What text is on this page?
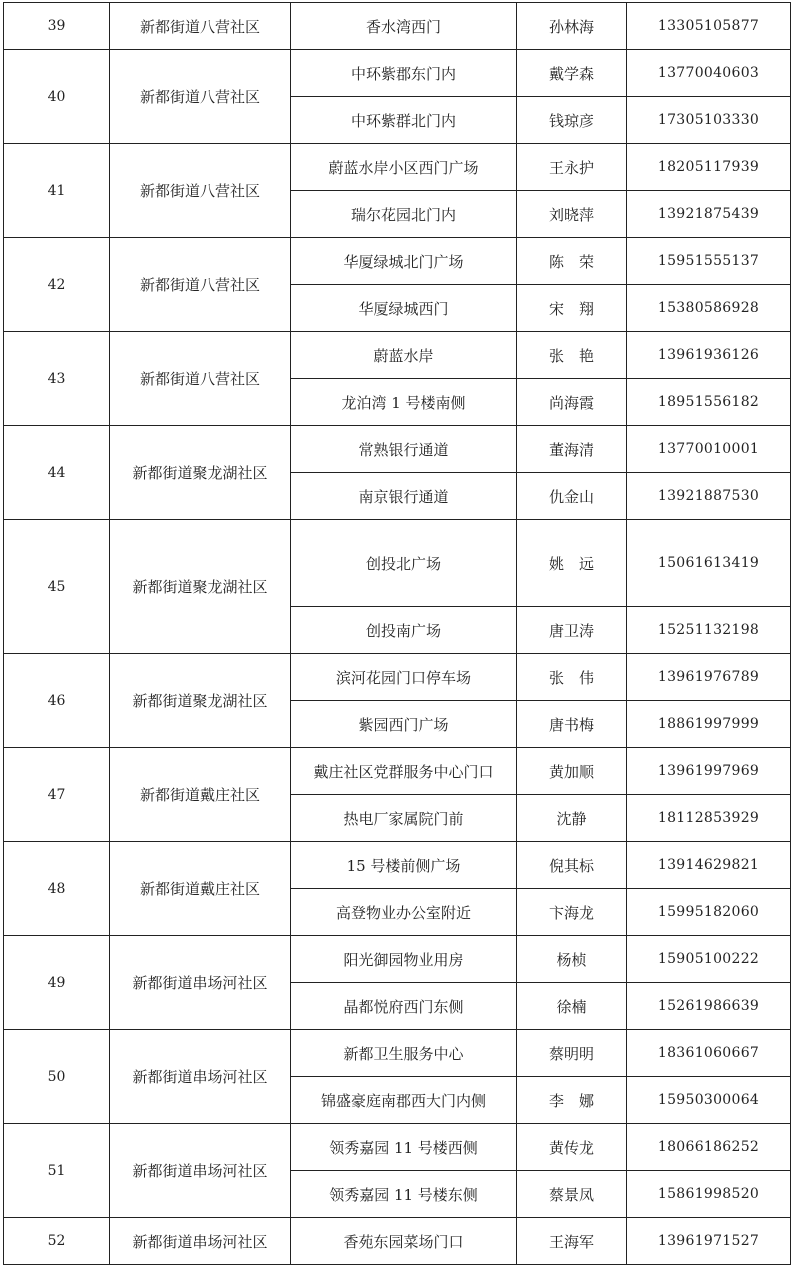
39	新都街道八营社区	香水湾西门	孙林海	13305105877
40	新都街道八营社区	中环紫郡东门内	戴学森	13770040603
		中环紫群北门内	钱琼彦	17305103330
41	新都街道八营社区	蔚蓝水岸小区西门广场	王永护	18205117939
		瑞尔花园北门内	刘晓萍	13921875439
42	新都街道八营社区	华厦绿城北门广场	陈　荣	15951555137
		华厦绿城西门	宋　翔	15380586928
43	新都街道八营社区	蔚蓝水岸	张　艳	13961936126
		龙泊湾 1 号楼南侧	尚海霞	18951556182
44	新都街道聚龙湖社区	常熟银行通道	董海清	13770010001
		南京银行通道	仇金山	13921887530
45	新都街道聚龙湖社区	创投北广场	姚　远	15061613419
		创投南广场	唐卫涛	15251132198
46	新都街道聚龙湖社区	滨河花园门口停车场	张　伟	13961976789
		紫园西门广场	唐书梅	18861997999
47	新都街道戴庄社区	戴庄社区党群服务中心门口	黄加顺	13961997969
		热电厂家属院门前	沈静	18112853929
48	新都街道戴庄社区	15 号楼前侧广场	倪其标	13914629821
		高登物业办公室附近	卞海龙	15995182060
49	新都街道串场河社区	阳光御园物业用房	杨桢	15905100222
		晶都悦府西门东侧	徐楠	15261986639
50	新都街道串场河社区	新都卫生服务中心	蔡明明	18361060667
		锦盛豪庭南郡西大门内侧	李　娜	15950300064
51	新都街道串场河社区	领秀嘉园 11 号楼西侧	黄传龙	18066186252
		领秀嘉园 11 号楼东侧	蔡景凤	15861998520
52	新都街道串场河社区	香苑东园菜场门口	王海军	13961971527
